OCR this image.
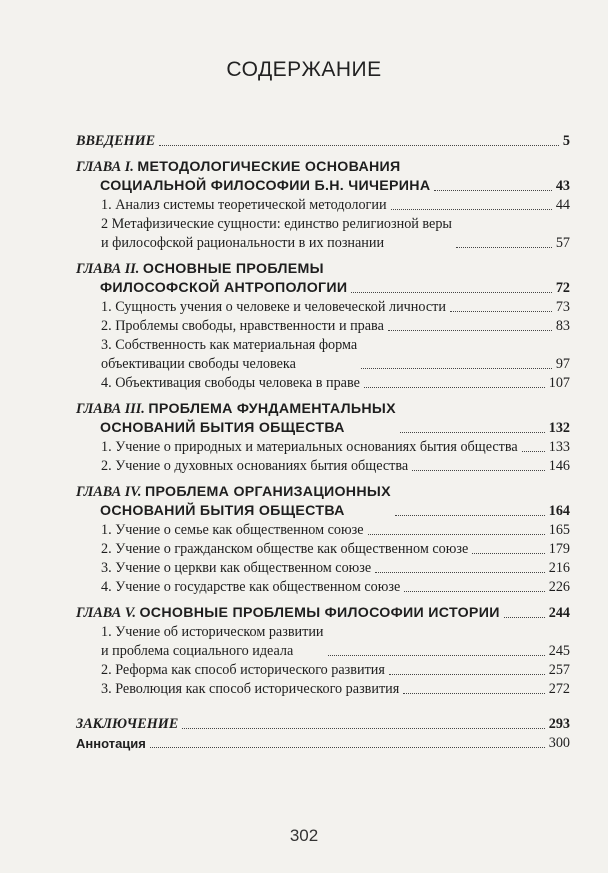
СОДЕРЖАНИЕ
ВВЕДЕНИЕ	5
ГЛАВА I. МЕТОДОЛОГИЧЕСКИЕ ОСНОВАНИЯ
СОЦИАЛЬНОЙ ФИЛОСОФИИ Б.Н. ЧИЧЕРИНА	43
1. Анализ системы теоретической методологии	44
2 Метафизические сущности: единство религиозной веры
и философской рациональности в их познании	57
ГЛАВА II. ОСНОВНЫЕ ПРОБЛЕМЫ
ФИЛОСОФСКОЙ АНТРОПОЛОГИИ	72
1. Сущность учения о человеке и человеческой личности	73
2. Проблемы свободы, нравственности и права	83
3. Собственность как материальная форма
объективации свободы человека	97
4. Объективация свободы человека в праве	107
ГЛАВА III. ПРОБЛЕМА ФУНДАМЕНТАЛЬНЫХ
ОСНОВАНИЙ БЫТИЯ ОБЩЕСТВА	132
1. Учение о природных и материальных основаниях бытия общества 133
2. Учение о духовных основаниях бытия общества	146
ГЛАВА IV. ПРОБЛЕМА ОРГАНИЗАЦИОННЫХ
ОСНОВАНИЙ БЫТИЯ ОБЩЕСТВА	164
1. Учение о семье как общественном союзе	165
2. Учение о гражданском обществе как общественном союзе	179
3. Учение о церкви как общественном союзе	216
4. Учение о государстве как общественном союзе	226
ГЛАВА V. ОСНОВНЫЕ ПРОБЛЕМЫ ФИЛОСОФИИ ИСТОРИИ	244
1. Учение об историческом развитии
и проблема социального идеала	245
2. Реформа как способ исторического развития	257
3. Революция как способ исторического развития	272
ЗАКЛЮЧЕНИЕ	293
Аннотация	300
302
